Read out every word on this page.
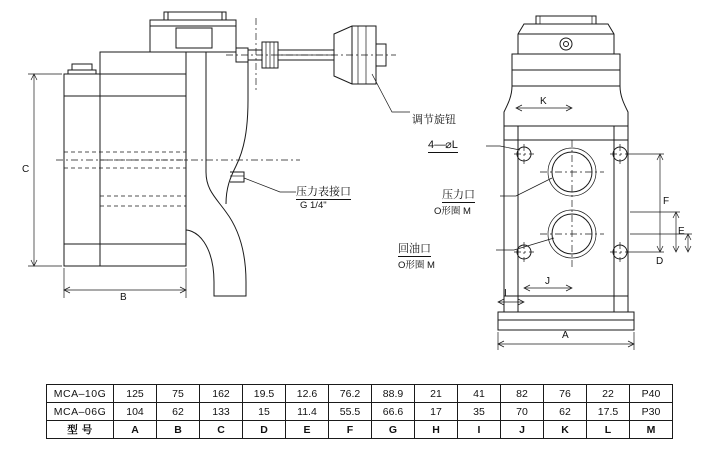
调节旋钮
压力表接口
G 1/4"
4—⌀L
压力口
O形圈 M
回油口
O形圈 M
C
B
K
F
E
D
I
J
A
MCA–10G	125	75	162	19.5	12.6	76.2	88.9	21	41	82	76	22	P40
MCA–06G	104	62	133	15	11.4	55.5	66.6	17	35	70	62	17.5	P30
型 号	A	B	C	D	E	F	G	H	I	J	K	L	M
